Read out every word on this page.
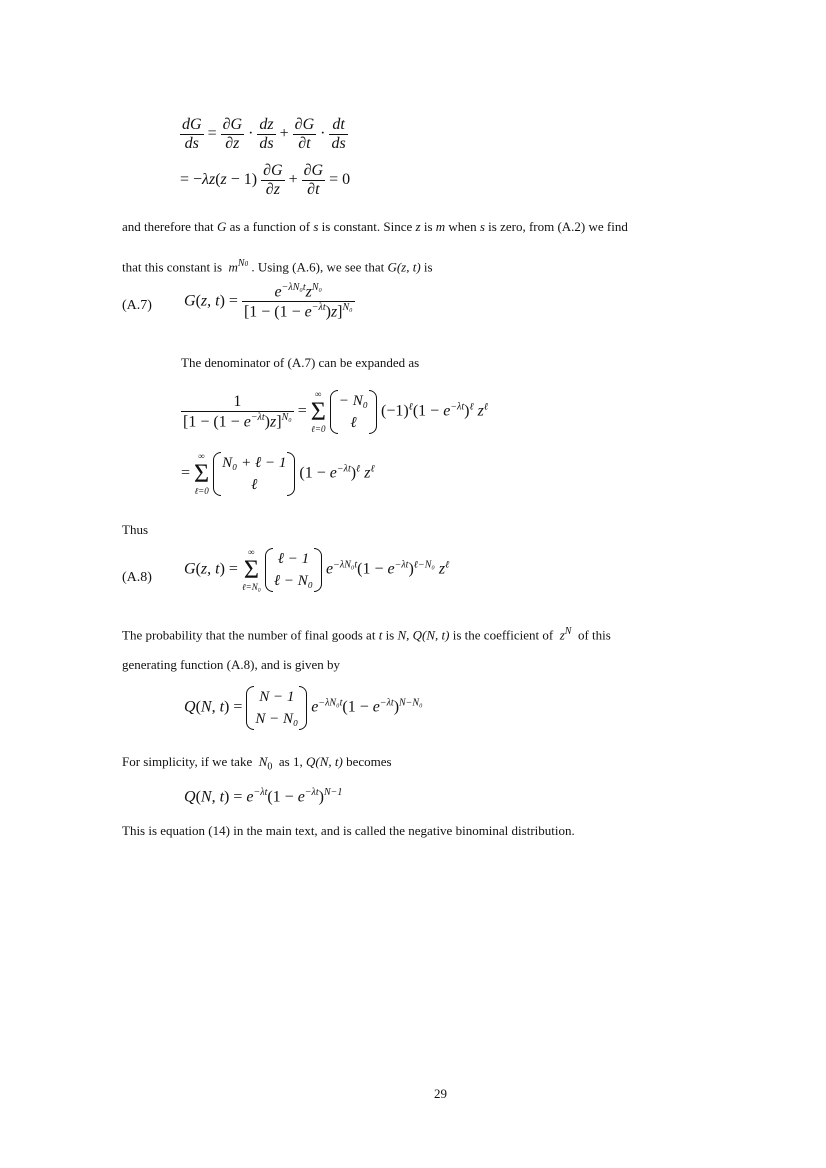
$\frac{dG}{ds} = \frac{\partial G}{\partial z} \cdot \frac{dz}{ds} + \frac{\partial G}{\partial t} \cdot \frac{dt}{ds}$
= $-\lambda z(z - 1) \frac{\partial G}{\partial z} + \frac{\partial G}{\partial t} = 0$
and therefore that G as a function of s is constant. Since z is m when s is zero, from (A.2) we find
that this constant is $m^{N0}$ . Using (A.6), we see that G(z, t) is
(A.7) G(z, $t) = \frac{e^{-\lambda N_0t}z^{N_0}}{[1 - (1 - e^{-\lambda t})z]^{N_0}}$
The denominator of (A.7) can be expanded as
$\frac{1}{[1 - (1 - e^{-\lambda t})z]^{N_0}}$ =
∞
Σ
ℓ=0

− N₀
ℓ
$(-1)^\ell(1 - e^{-\lambda t})^\ell$ $z^\ell$
=
∞
Σ
ℓ=0

N₀ + ℓ − 1
ℓ
$(1 - e^{-\lambda t})^\ell$ $z^\ell$
Thus
(A.8) G(z, t) =
∞
Σ
ℓ=N₀

ℓ − 1
ℓ − N₀
$e^{-\lambda N_0t}(1 - e^{-\lambda t})^{\ell-N_0}$ $z^\ell$
The probability that the number of final goods at t is N, Q(N, t) is the coefficient of $z^N$ of this
generating function (A.8), and is given by
Q(N, t) =
N − 1
N − N₀
$e^{-\lambda N_0t}(1 - e^{-\lambda t})^{N-N_0}$
For simplicity, if we take $N_0$ as 1, Q(N, t) becomes
Q(N, $t) = e^{-\lambda t}(1 - e^{-\lambda t})^{N-1}$
This is equation (14) in the main text, and is called the negative binominal distribution.
29
